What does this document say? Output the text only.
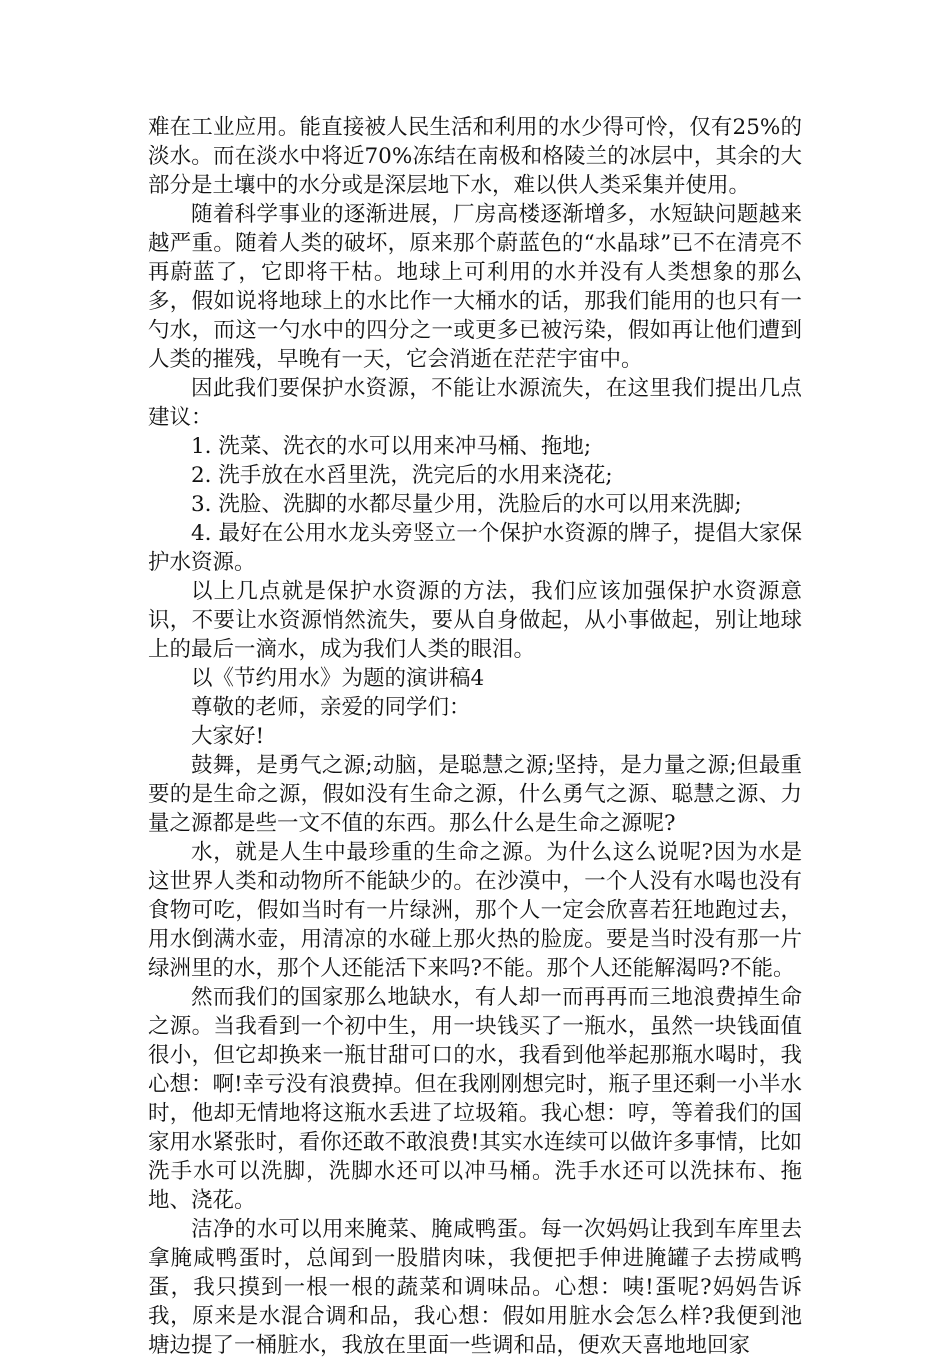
难在工业应用。能直接被人民生活和利用的水少得可怜，仅有25%的淡水。而在淡水中将近70%冻结在南极和格陵兰的冰层中，其余的大部分是土壤中的水分或是深层地下水，难以供人类采集并使用。

随着科学事业的逐渐进展，厂房高楼逐渐增多，水短缺问题越来越严重。随着人类的破坏，原来那个蔚蓝色的“水晶球”已不在清亮不再蔚蓝了，它即将干枯。地球上可利用的水并没有人类想象的那么多，假如说将地球上的水比作一大桶水的话，那我们能用的也只有一勺水，而这一勺水中的四分之一或更多已被污染，假如再让他们遭到人类的摧残，早晚有一天，它会消逝在茫茫宇宙中。

因此我们要保护水资源，不能让水源流失，在这里我们提出几点建议：

1. 洗菜、洗衣的水可以用来冲马桶、拖地;

2. 洗手放在水舀里洗，洗完后的水用来浇花;

3. 洗脸、洗脚的水都尽量少用，洗脸后的水可以用来洗脚;

4. 最好在公用水龙头旁竖立一个保护水资源的牌子，提倡大家保护水资源。

以上几点就是保护水资源的方法，我们应该加强保护水资源意识，不要让水资源悄然流失，要从自身做起，从小事做起，别让地球上的最后一滴水，成为我们人类的眼泪。

以《节约用水》为题的演讲稿4

尊敬的老师，亲爱的同学们：

大家好!

鼓舞，是勇气之源;动脑，是聪慧之源;坚持，是力量之源;但最重要的是生命之源，假如没有生命之源，什么勇气之源、聪慧之源、力量之源都是些一文不值的东西。那么什么是生命之源呢?

水，就是人生中最珍重的生命之源。为什么这么说呢?因为水是这世界人类和动物所不能缺少的。在沙漠中，一个人没有水喝也没有食物可吃，假如当时有一片绿洲，那个人一定会欣喜若狂地跑过去，用水倒满水壶，用清凉的水碰上那火热的脸庞。要是当时没有那一片绿洲里的水，那个人还能活下来吗?不能。那个人还能解渴吗?不能。

然而我们的国家那么地缺水，有人却一而再再而三地浪费掉生命之源。当我看到一个初中生，用一块钱买了一瓶水，虽然一块钱面值很小，但它却换来一瓶甘甜可口的水，我看到他举起那瓶水喝时，我心想：啊!幸亏没有浪费掉。但在我刚刚想完时，瓶子里还剩一小半水时，他却无情地将这瓶水丢进了垃圾箱。我心想：哼，等着我们的国家用水紧张时，看你还敢不敢浪费!其实水连续可以做许多事情，比如洗手水可以洗脚，洗脚水还可以冲马桶。洗手水还可以洗抹布、拖地、浇花。

洁净的水可以用来腌菜、腌咸鸭蛋。每一次妈妈让我到车库里去拿腌咸鸭蛋时，总闻到一股腊肉味，我便把手伸进腌罐子去捞咸鸭蛋，我只摸到一根一根的蔬菜和调味品。心想：咦!蛋呢?妈妈告诉我，原来是水混合调和品，我心想：假如用脏水会怎么样?我便到池塘边提了一桶脏水，我放在里面一些调和品，便欢天喜地地回家
